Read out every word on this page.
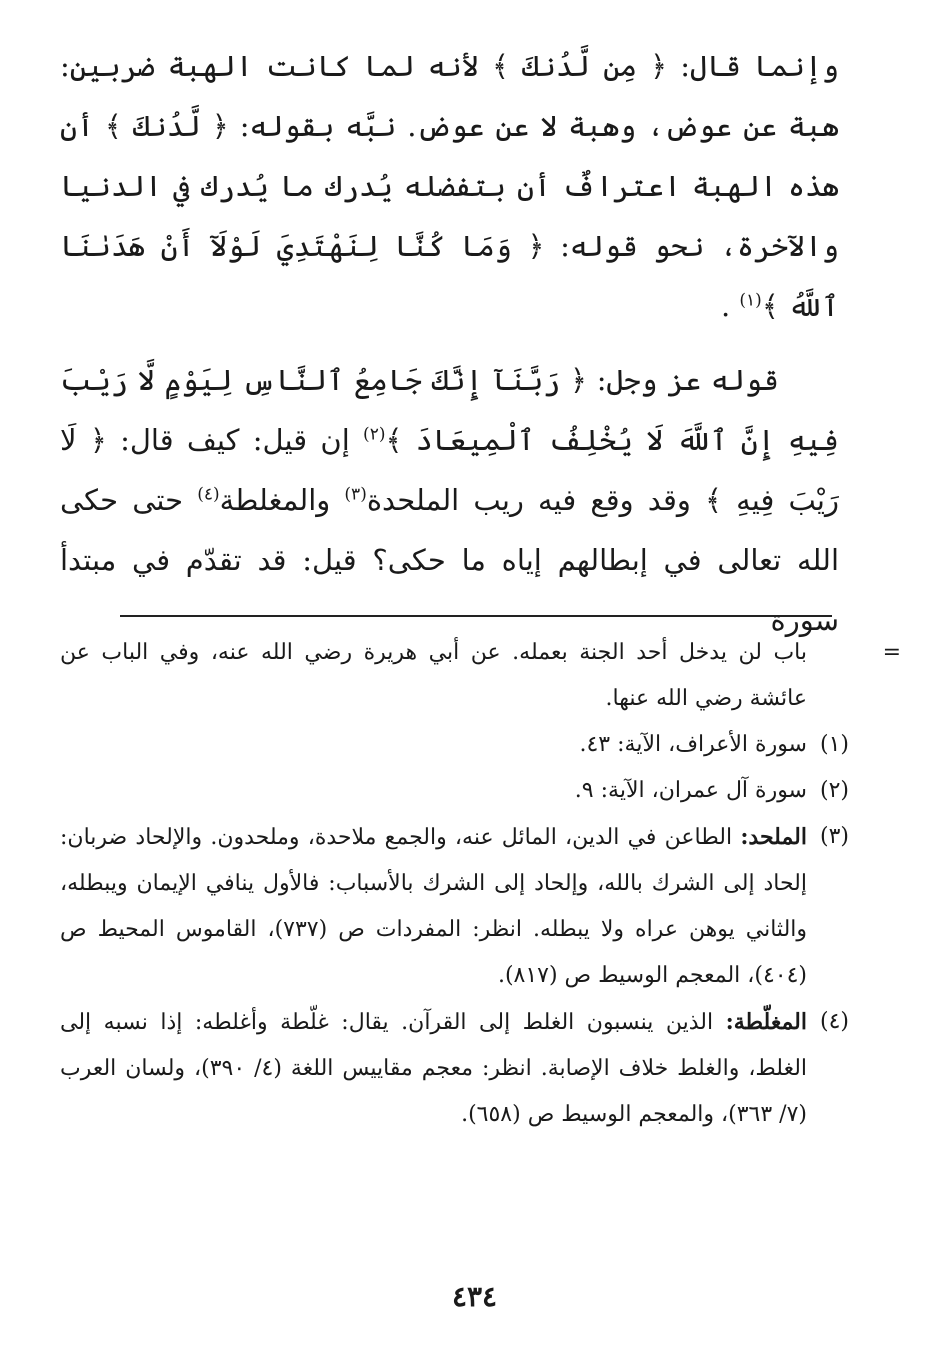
وإنما قال: ﴿ مِن لَّدُنكَ ﴾ لأنه لما كانت الهبة ضربين: هبة عن عوض، وهبة لا عن عوض. نبَّه بقوله: ﴿ لَّدُنكَ ﴾ أن هذه الهبة اعترافٌ أن بتفضله يُدرك ما يُدرك في الدنيا والآخرة، نحو قوله: ﴿ وَمَا كُنَّا لِنَهْتَدِيَ لَوْلَآ أَنْ هَدَىٰنَا ٱللَّهُ ﴾$^{(١)}$ .

قوله عز وجل: ﴿ رَبَّنَآ إِنَّكَ جَامِعُ ٱلنَّاسِ لِيَوْمٍ لَّا رَيْبَ فِيهِ إِنَّ ٱللَّهَ لَا يُخْلِفُ ٱلْمِيعَادَ ﴾$^{(٢)}$ إن قيل: كيف قال: ﴿ لَا رَيْبَ فِيهِ ﴾ وقد وقع فيه ريب الملحدة$^{(٣)}$ والمغلطة$^{(٤)}$ حتى حكى الله تعالى في إبطالهم إياه ما حكى؟ قيل: قد تقدّم في مبتدأ سورة

=
باب لن يدخل أحد الجنة بعمله. عن أبي هريرة رضي الله عنه، وفي الباب عن عائشة رضي الله عنها.
(١)
سورة الأعراف، الآية: ٤٣.
(٢)
سورة آل عمران، الآية: ٩.
(٣)
الملحد: الطاعن في الدين، المائل عنه، والجمع ملاحدة، وملحدون. والإلحاد ضربان: إلحاد إلى الشرك بالله، وإلحاد إلى الشرك بالأسباب: فالأول ينافي الإيمان ويبطله، والثاني يوهن عراه ولا يبطله. انظر: المفردات ص (٧٣٧)، القاموس المحيط ص (٤٠٤)، المعجم الوسيط ص (٨١٧).
(٤)
المغلّطة: الذين ينسبون الغلط إلى القرآن. يقال: غلّطة وأغلطه: إذا نسبه إلى الغلط، والغلط خلاف الإصابة. انظر: معجم مقاييس اللغة (٤/ ٣٩٠)، ولسان العرب (٧/ ٣٦٣)، والمعجم الوسيط ص (٦٥٨).
٤٣٤
